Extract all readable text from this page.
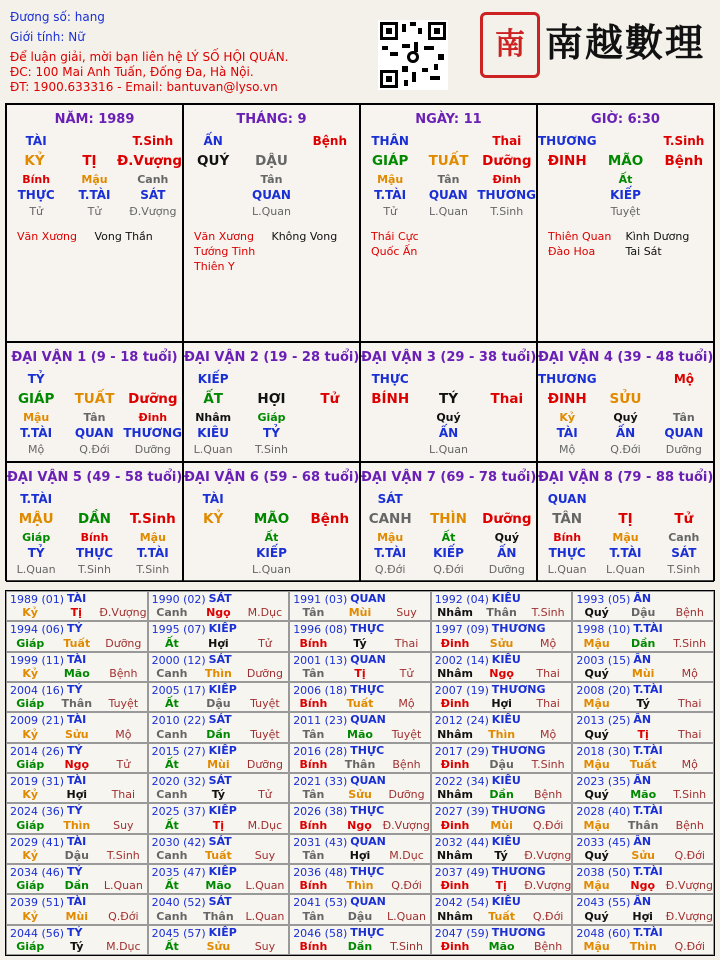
Đương số: hang
Giới tính: Nữ
Để luận giải, mời bạn liên hệ LÝ SỐ HỘI QUÁN.
ĐC: 100 Mai Anh Tuấn, Đống Đa, Hà Nội.
ĐT: 1900.633316 - Email: bantuvan@lyso.vn
南 南越數理
NĂM: 1989
TÀI	T.Sinh
KỶ	TỊ	Đ.Vượng
Bính	Mậu	Canh
THỰC	T.TÀI	SÁT
Tử	Tử	Đ.Vượng
Văn Xương	Vong Thần
THÁNG: 9
ẤN	Bệnh
QUÝ	DẬU
Tân
QUAN
L.Quan
Văn Xương	Không Vong
Tướng Tinh
Thiên Y
NGÀY: 11
THÂN	Thai
GIÁP	TUẤT	Dưỡng
Mậu	Tân	Đinh
T.TÀI	QUAN THƯƠNG
Tử	L.Quan	T.Sinh
Thái Cực
Quốc Ấn
GIỜ: 6:30
THƯƠNG	T.Sinh
ĐINH	MÃO	Bệnh
Ất
KIẾP
Tuyệt
Thiên Quan	Kình Dương
Đào Hoa	Tai Sát
ĐẠI VẬN 1 (9 - 18 tuổi)
TỶ
GIÁP	TUẤT	Dưỡng
Mậu	Tân	Đinh
T.TÀI	QUAN THƯƠNG
Mộ	Q.Đới	Dưỡng
ĐẠI VẬN 2 (19 - 28 tuổi)
KIẾP
ẤT	HỢI	Tử
Nhâm	Giáp
KIÊU	TỶ
L.Quan	T.Sinh
ĐẠI VẬN 3 (29 - 38 tuổi)
THỰC
BÍNH	TÝ	Thai
Quý
ẤN
L.Quan
ĐẠI VẬN 4 (39 - 48 tuổi)
THƯƠNG	Mộ
ĐINH	SỬU
Kỷ	Quý	Tân
TÀI	ẤN	QUAN
Mộ	Q.Đới	Dưỡng
ĐẠI VẬN 5 (49 - 58 tuổi)
T.TÀI
MẬU	DẦN	T.Sinh
Giáp	Bính	Mậu
TỶ	THỰC	T.TÀI
L.Quan	T.Sinh	T.Sinh
ĐẠI VẬN 6 (59 - 68 tuổi)
TÀI
KỶ	MÃO	Bệnh
Ất
KIẾP
L.Quan
ĐẠI VẬN 7 (69 - 78 tuổi)
SÁT
CANH	THÌN	Dưỡng
Mậu	Ất	Quý
T.TÀI	KIẾP	ẤN
Q.Đới	Q.Đới	Dưỡng
ĐẠI VẬN 8 (79 - 88 tuổi)
QUAN
TÂN	TỊ	Tử
Bính	Mậu	Canh
THỰC	T.TÀI	SÁT
L.Quan	L.Quan	T.Sinh
1989 (01) TÀI
Kỷ	Tị	Đ.Vượng
1990 (02) SÁT
Canh	Ngọ	M.Dục
1991 (03) QUAN
Tân	Mùi	Suy
1992 (04) KIÊU
Nhâm	Thân	T.Sinh
1993 (05) ẤN
Quý	Dậu	Bệnh
1994 (06) TỶ
Giáp	Tuất	Dưỡng
1995 (07) KIẾP
Ất	Hợi	Tử
1996 (08) THỰC
Bính	Tý	Thai
1997 (09) THƯƠNG
Đinh	Sửu	Mộ
1998 (10) T.TÀI
Mậu	Dần	T.Sinh
1999 (11) TÀI
Kỷ	Mão	Bệnh
2000 (12) SÁT
Canh	Thìn	Dưỡng
2001 (13) QUAN
Tân	Tị	Tử
2002 (14) KIÊU
Nhâm	Ngọ	Thai
2003 (15) ẤN
Quý	Mùi	Mộ
2004 (16) TỶ
Giáp	Thân	Tuyệt
2005 (17) KIẾP
Ất	Dậu	Tuyệt
2006 (18) THỰC
Bính	Tuất	Mộ
2007 (19) THƯƠNG
Đinh	Hợi	Thai
2008 (20) T.TÀI
Mậu	Tý	Thai
2009 (21) TÀI
Kỷ	Sửu	Mộ
2010 (22) SÁT
Canh	Dần	Tuyệt
2011 (23) QUAN
Tân	Mão	Tuyệt
2012 (24) KIÊU
Nhâm	Thìn	Mộ
2013 (25) ẤN
Quý	Tị	Thai
2014 (26) TỶ
Giáp	Ngọ	Tử
2015 (27) KIẾP
Ất	Mùi	Dưỡng
2016 (28) THỰC
Bính	Thân	Bệnh
2017 (29) THƯƠNG
Đinh	Dậu	T.Sinh
2018 (30) T.TÀI
Mậu	Tuất	Mộ
2019 (31) TÀI
Kỷ	Hợi	Thai
2020 (32) SÁT
Canh	Tý	Tử
2021 (33) QUAN
Tân	Sửu	Dưỡng
2022 (34) KIÊU
Nhâm	Dần	Bệnh
2023 (35) ẤN
Quý	Mão	T.Sinh
2024 (36) TỶ
Giáp	Thìn	Suy
2025 (37) KIẾP
Ất	Tị	M.Dục
2026 (38) THỰC
Bính	Ngọ Đ.Vượng
2027 (39) THƯƠNG
Đinh	Mùi	Q.Đới
2028 (40) T.TÀI
Mậu	Thân	Bệnh
2029 (41) TÀI
Kỷ	Dậu	T.Sinh
2030 (42) SÁT
Canh	Tuất	Suy
2031 (43) QUAN
Tân	Hợi	M.Dục
2032 (44) KIÊU
Nhâm	Tý	Đ.Vượng
2033 (45) ẤN
Quý	Sửu	Q.Đới
2034 (46) TỶ
Giáp	Dần	L.Quan
2035 (47) KIẾP
Ất	Mão	L.Quan
2036 (48) THỰC
Bính	Thìn	Q.Đới
2037 (49) THƯƠNG
Đinh	Tị	Đ.Vượng
2038 (50) T.TÀI
Mậu	Ngọ Đ.Vượng
2039 (51) TÀI
Kỷ	Mùi	Q.Đới
2040 (52) SÁT
Canh	Thân	L.Quan
2041 (53) QUAN
Tân	Dậu	L.Quan
2042 (54) KIÊU
Nhâm	Tuất	Q.Đới
2043 (55) ẤN
Quý	Hợi	Đ.Vượng
2044 (56) TỶ
Giáp	Tý	M.Dục
2045 (57) KIẾP
Ất	Sửu	Suy
2046 (58) THỰC
Bính	Dần	T.Sinh
2047 (59) THƯƠNG
Đinh	Mão	Bệnh
2048 (60) T.TÀI
Mậu	Thìn	Q.Đới
